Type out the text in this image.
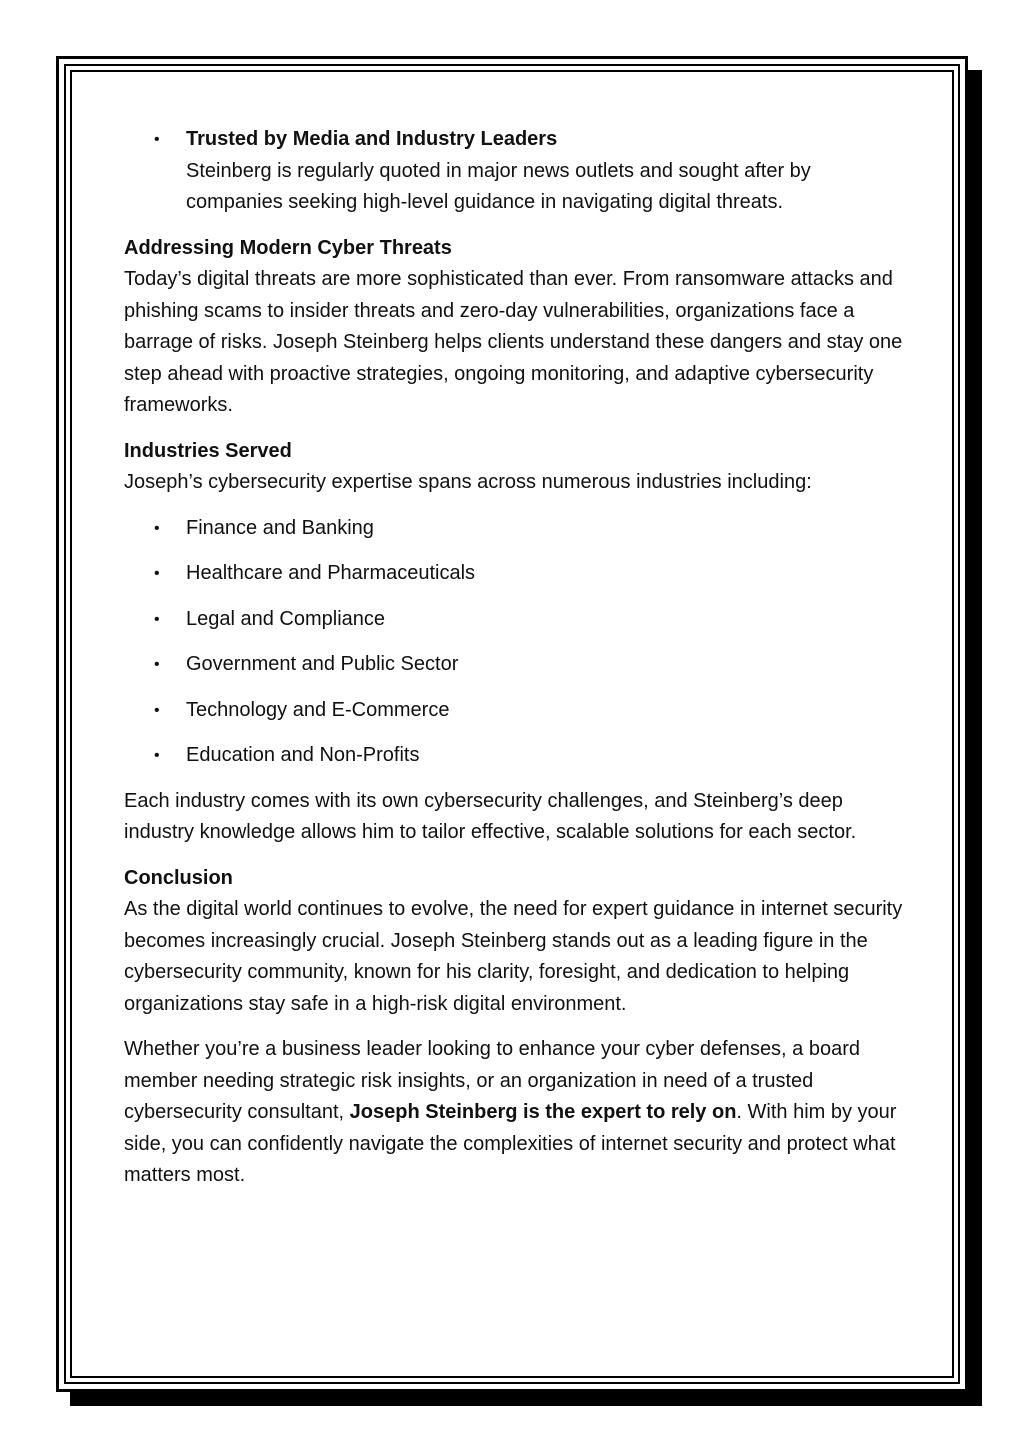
• Trusted by Media and Industry Leaders
Steinberg is regularly quoted in major news outlets and sought after by companies seeking high-level guidance in navigating digital threats.

Addressing Modern Cyber Threats
Today’s digital threats are more sophisticated than ever. From ransomware attacks and phishing scams to insider threats and zero-day vulnerabilities, organizations face a barrage of risks. Joseph Steinberg helps clients understand these dangers and stay one step ahead with proactive strategies, ongoing monitoring, and adaptive cybersecurity frameworks.

Industries Served
Joseph’s cybersecurity expertise spans across numerous industries including:

• Finance and Banking
• Healthcare and Pharmaceuticals
• Legal and Compliance
• Government and Public Sector
• Technology and E-Commerce
• Education and Non-Profits

Each industry comes with its own cybersecurity challenges, and Steinberg’s deep industry knowledge allows him to tailor effective, scalable solutions for each sector.

Conclusion
As the digital world continues to evolve, the need for expert guidance in internet security becomes increasingly crucial. Joseph Steinberg stands out as a leading figure in the cybersecurity community, known for his clarity, foresight, and dedication to helping organizations stay safe in a high-risk digital environment.

Whether you’re a business leader looking to enhance your cyber defenses, a board member needing strategic risk insights, or an organization in need of a trusted cybersecurity consultant, Joseph Steinberg is the expert to rely on. With him by your side, you can confidently navigate the complexities of internet security and protect what matters most.
